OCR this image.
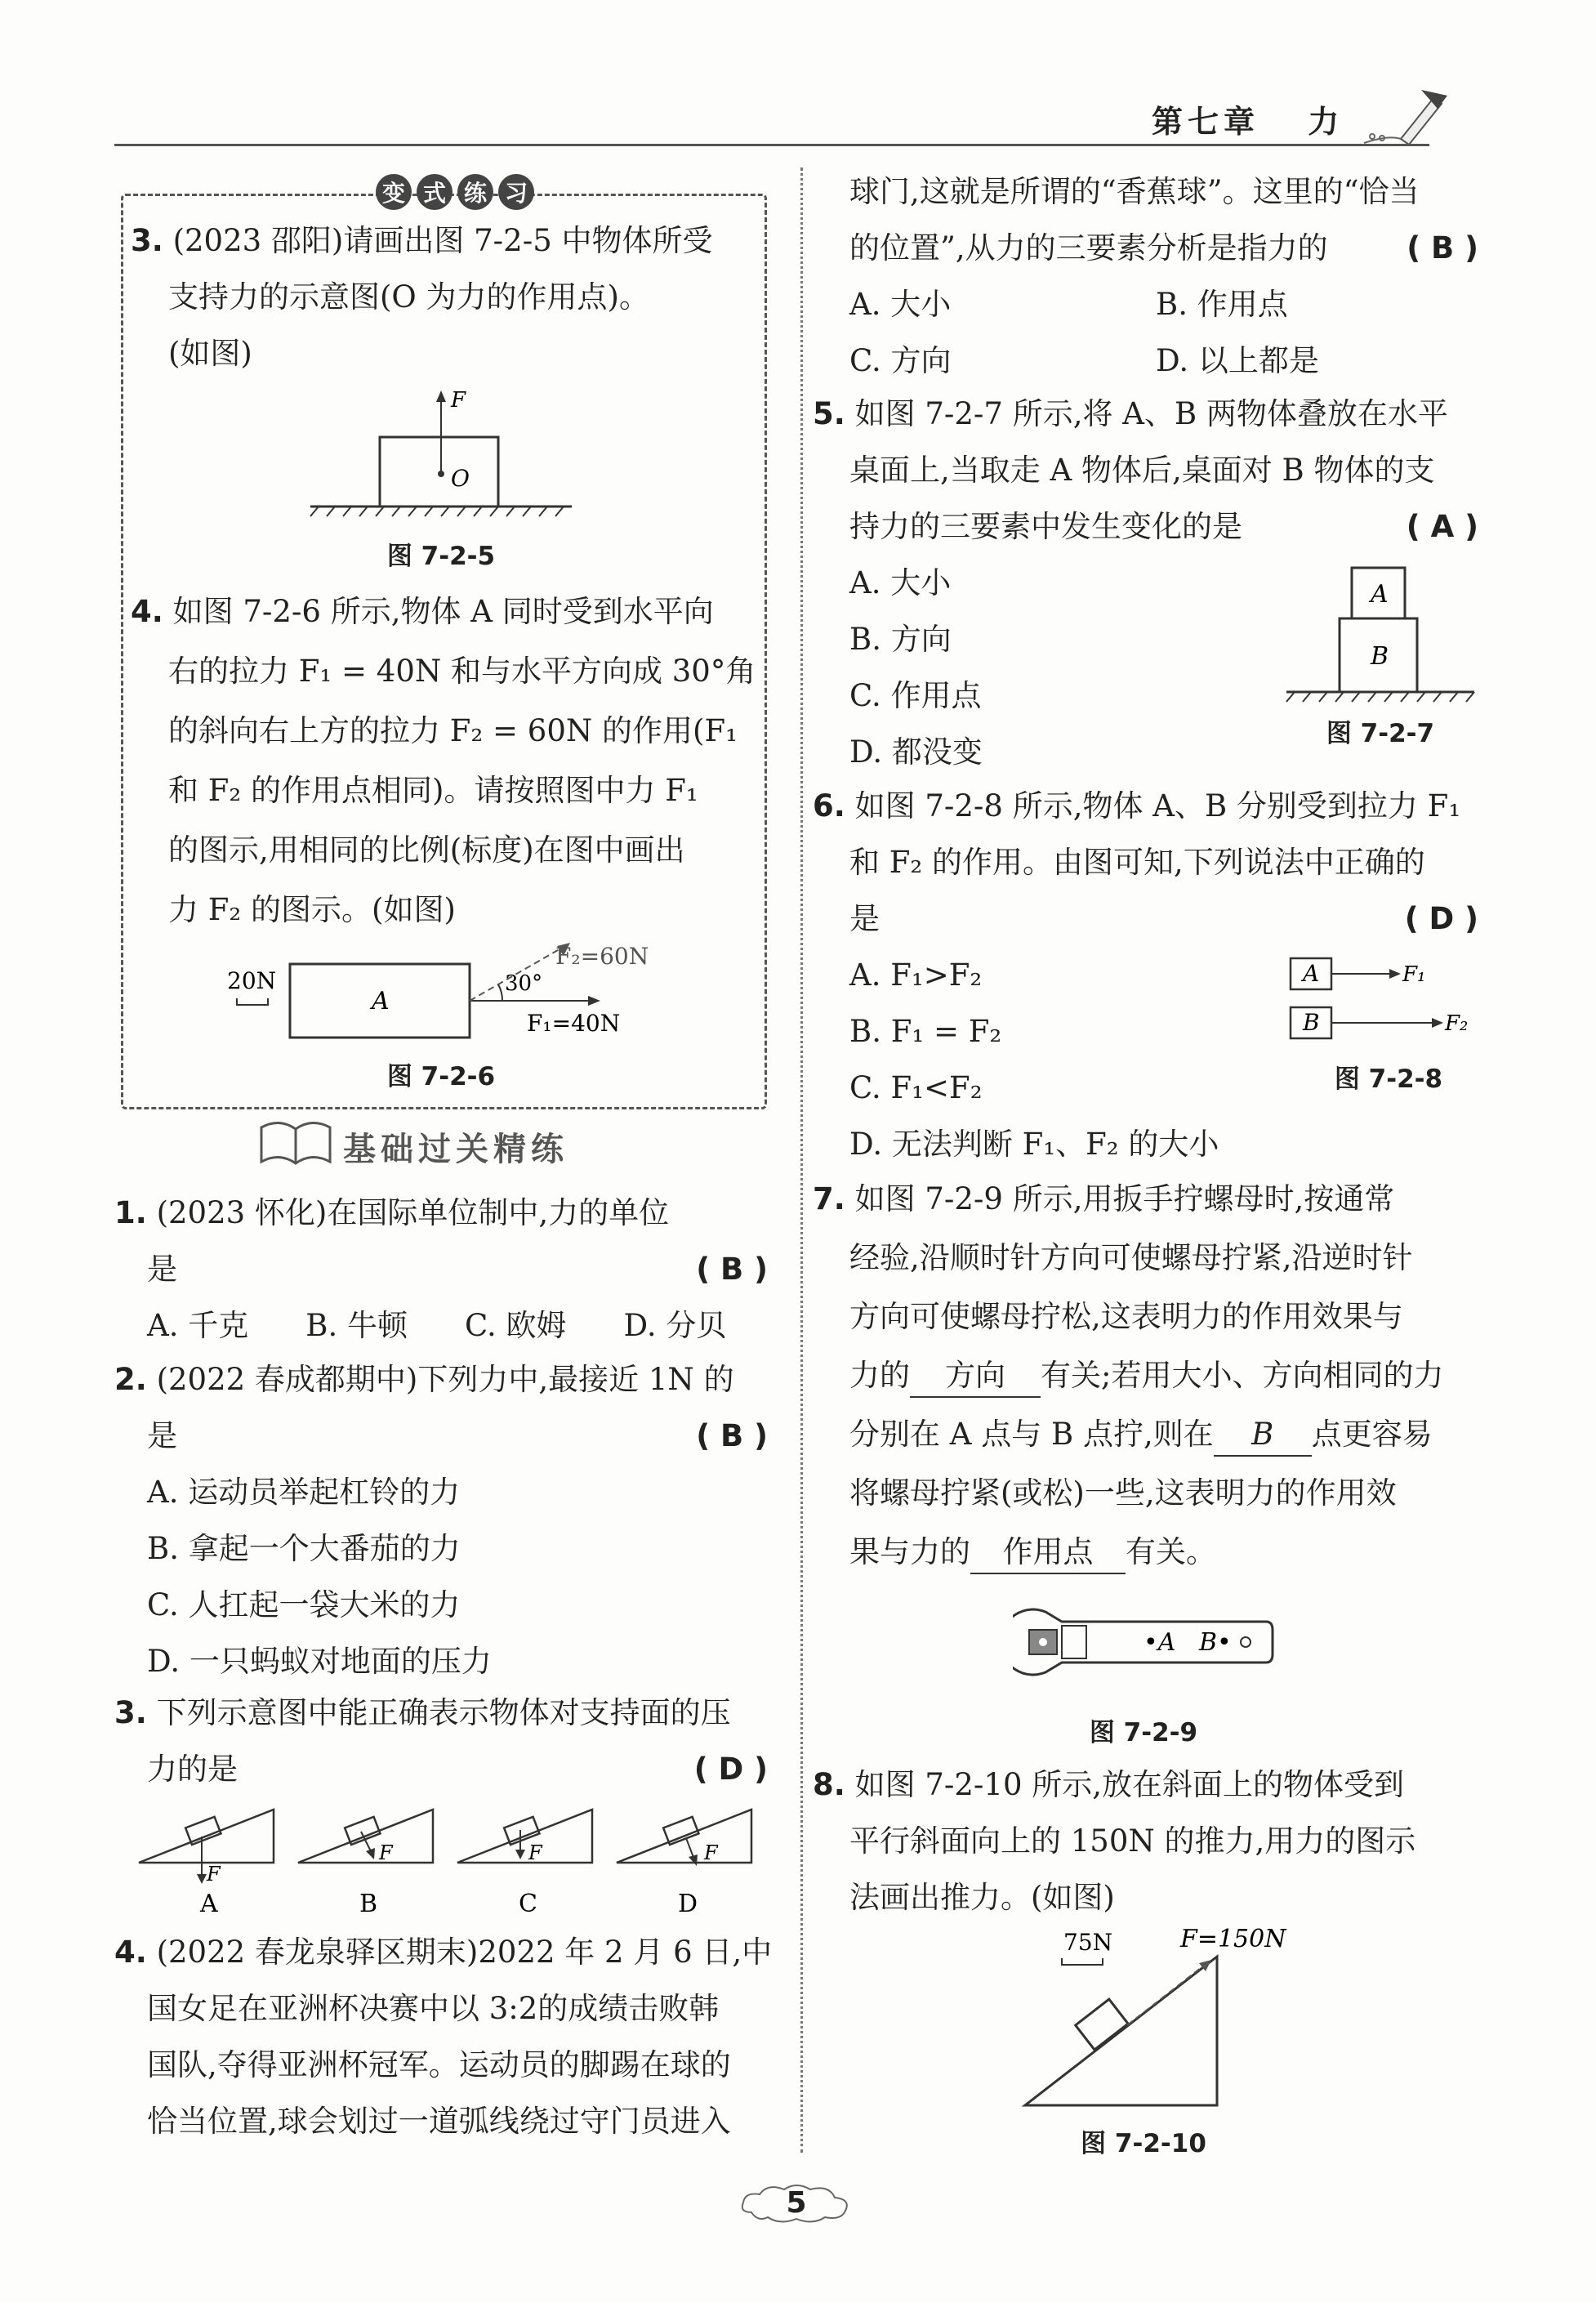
第七章 力
变 式 练 习
3. (2023 邵阳)请画出图 7-2-5 中物体所受
支持力的示意图(O 为力的作用点)。
(如图)
F
O
图 7-2-5
4. 如图 7-2-6 所示,物体 A 同时受到水平向
右的拉力 F₁ = 40N 和与水平方向成 30°角
的斜向右上方的拉力 F₂ = 60N 的作用(F₁
和 F₂ 的作用点相同)。请按照图中力 F₁
的图示,用相同的比例(标度)在图中画出
力 F₂ 的图示。(如图)
20N
A
30°
F₂=60N
F₁=40N
图 7-2-6
基础过关精练
1. (2023 怀化)在国际单位制中,力的单位
是	( B )
A. 千克 B. 牛顿 C. 欧姆 D. 分贝
2. (2022 春成都期中)下列力中,最接近 1N 的
是	( B )
A. 运动员举起杠铃的力
B. 拿起一个大番茄的力
C. 人扛起一袋大米的力
D. 一只蚂蚁对地面的压力
3. 下列示意图中能正确表示物体对支持面的压
力的是	( D )
F
A
F
B
F
C
F
D
4. (2022 春龙泉驿区期末)2022 年 2 月 6 日,中
国女足在亚洲杯决赛中以 3:2的成绩击败韩
国队,夺得亚洲杯冠军。运动员的脚踢在球的
恰当位置,球会划过一道弧线绕过守门员进入
球门,这就是所谓的“香蕉球”。这里的“恰当
的位置”,从力的三要素分析是指力的	( B )
A. 大小	B. 作用点
C. 方向	D. 以上都是
5. 如图 7-2-7 所示,将 A、B 两物体叠放在水平
桌面上,当取走 A 物体后,桌面对 B 物体的支
持力的三要素中发生变化的是	( A )
A. 大小
B. 方向
C. 作用点
D. 都没变
A
B
图 7-2-7
6. 如图 7-2-8 所示,物体 A、B 分别受到拉力 F₁
和 F₂ 的作用。由图可知,下列说法中正确的
是	( D )
A. F₁>F₂
B. F₁ = F₂
C. F₁<F₂
D. 无法判断 F₁、F₂ 的大小
A	F₁
B	F₂
图 7-2-8
7. 如图 7-2-9 所示,用扳手拧螺母时,按通常
经验,沿顺时针方向可使螺母拧紧,沿逆时针
方向可使螺母拧松,这表明力的作用效果与
力的 方向 有关;若用大小、方向相同的力
分别在 A 点与 B 点拧,则在 B 点更容易
将螺母拧紧(或松)一些,这表明力的作用效
果与力的 作用点 有关。
•A B•
图 7-2-9
8. 如图 7-2-10 所示,放在斜面上的物体受到
平行斜面向上的 150N 的推力,用力的图示
法画出推力。(如图)
75N	F=150N
图 7-2-10
5
